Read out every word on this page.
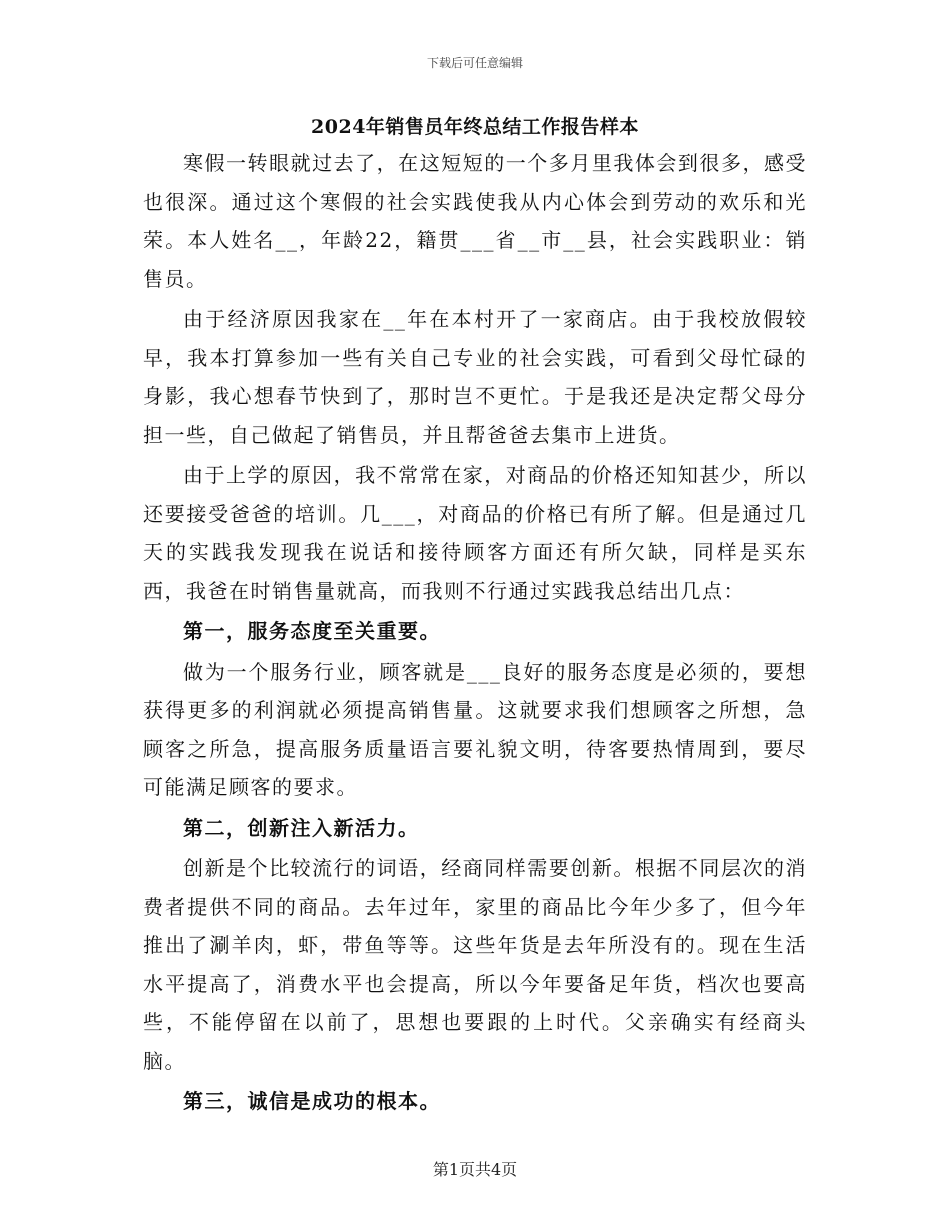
下载后可任意编辑
2024年销售员年终总结工作报告样本

寒假一转眼就过去了，在这短短的一个多月里我体会到很多，感受也很深。通过这个寒假的社会实践使我从内心体会到劳动的欢乐和光荣。本人姓名__，年龄22，籍贯___省__市__县，社会实践职业：销售员。

由于经济原因我家在__年在本村开了一家商店。由于我校放假较早，我本打算参加一些有关自己专业的社会实践，可看到父母忙碌的身影，我心想春节快到了，那时岂不更忙。于是我还是决定帮父母分担一些，自己做起了销售员，并且帮爸爸去集市上进货。

由于上学的原因，我不常常在家，对商品的价格还知知甚少，所以还要接受爸爸的培训。几___，对商品的价格已有所了解。但是通过几天的实践我发现我在说话和接待顾客方面还有所欠缺，同样是买东西，我爸在时销售量就高，而我则不行通过实践我总结出几点：

第一，服务态度至关重要。

做为一个服务行业，顾客就是___良好的服务态度是必须的，要想获得更多的利润就必须提高销售量。这就要求我们想顾客之所想，急顾客之所急，提高服务质量语言要礼貌文明，待客要热情周到，要尽可能满足顾客的要求。

第二，创新注入新活力。

创新是个比较流行的词语，经商同样需要创新。根据不同层次的消费者提供不同的商品。去年过年，家里的商品比今年少多了，但今年推出了涮羊肉，虾，带鱼等等。这些年货是去年所没有的。现在生活水平提高了，消费水平也会提高，所以今年要备足年货，档次也要高些，不能停留在以前了，思想也要跟的上时代。父亲确实有经商头脑。

第三，诚信是成功的根本。

第1页共4页
